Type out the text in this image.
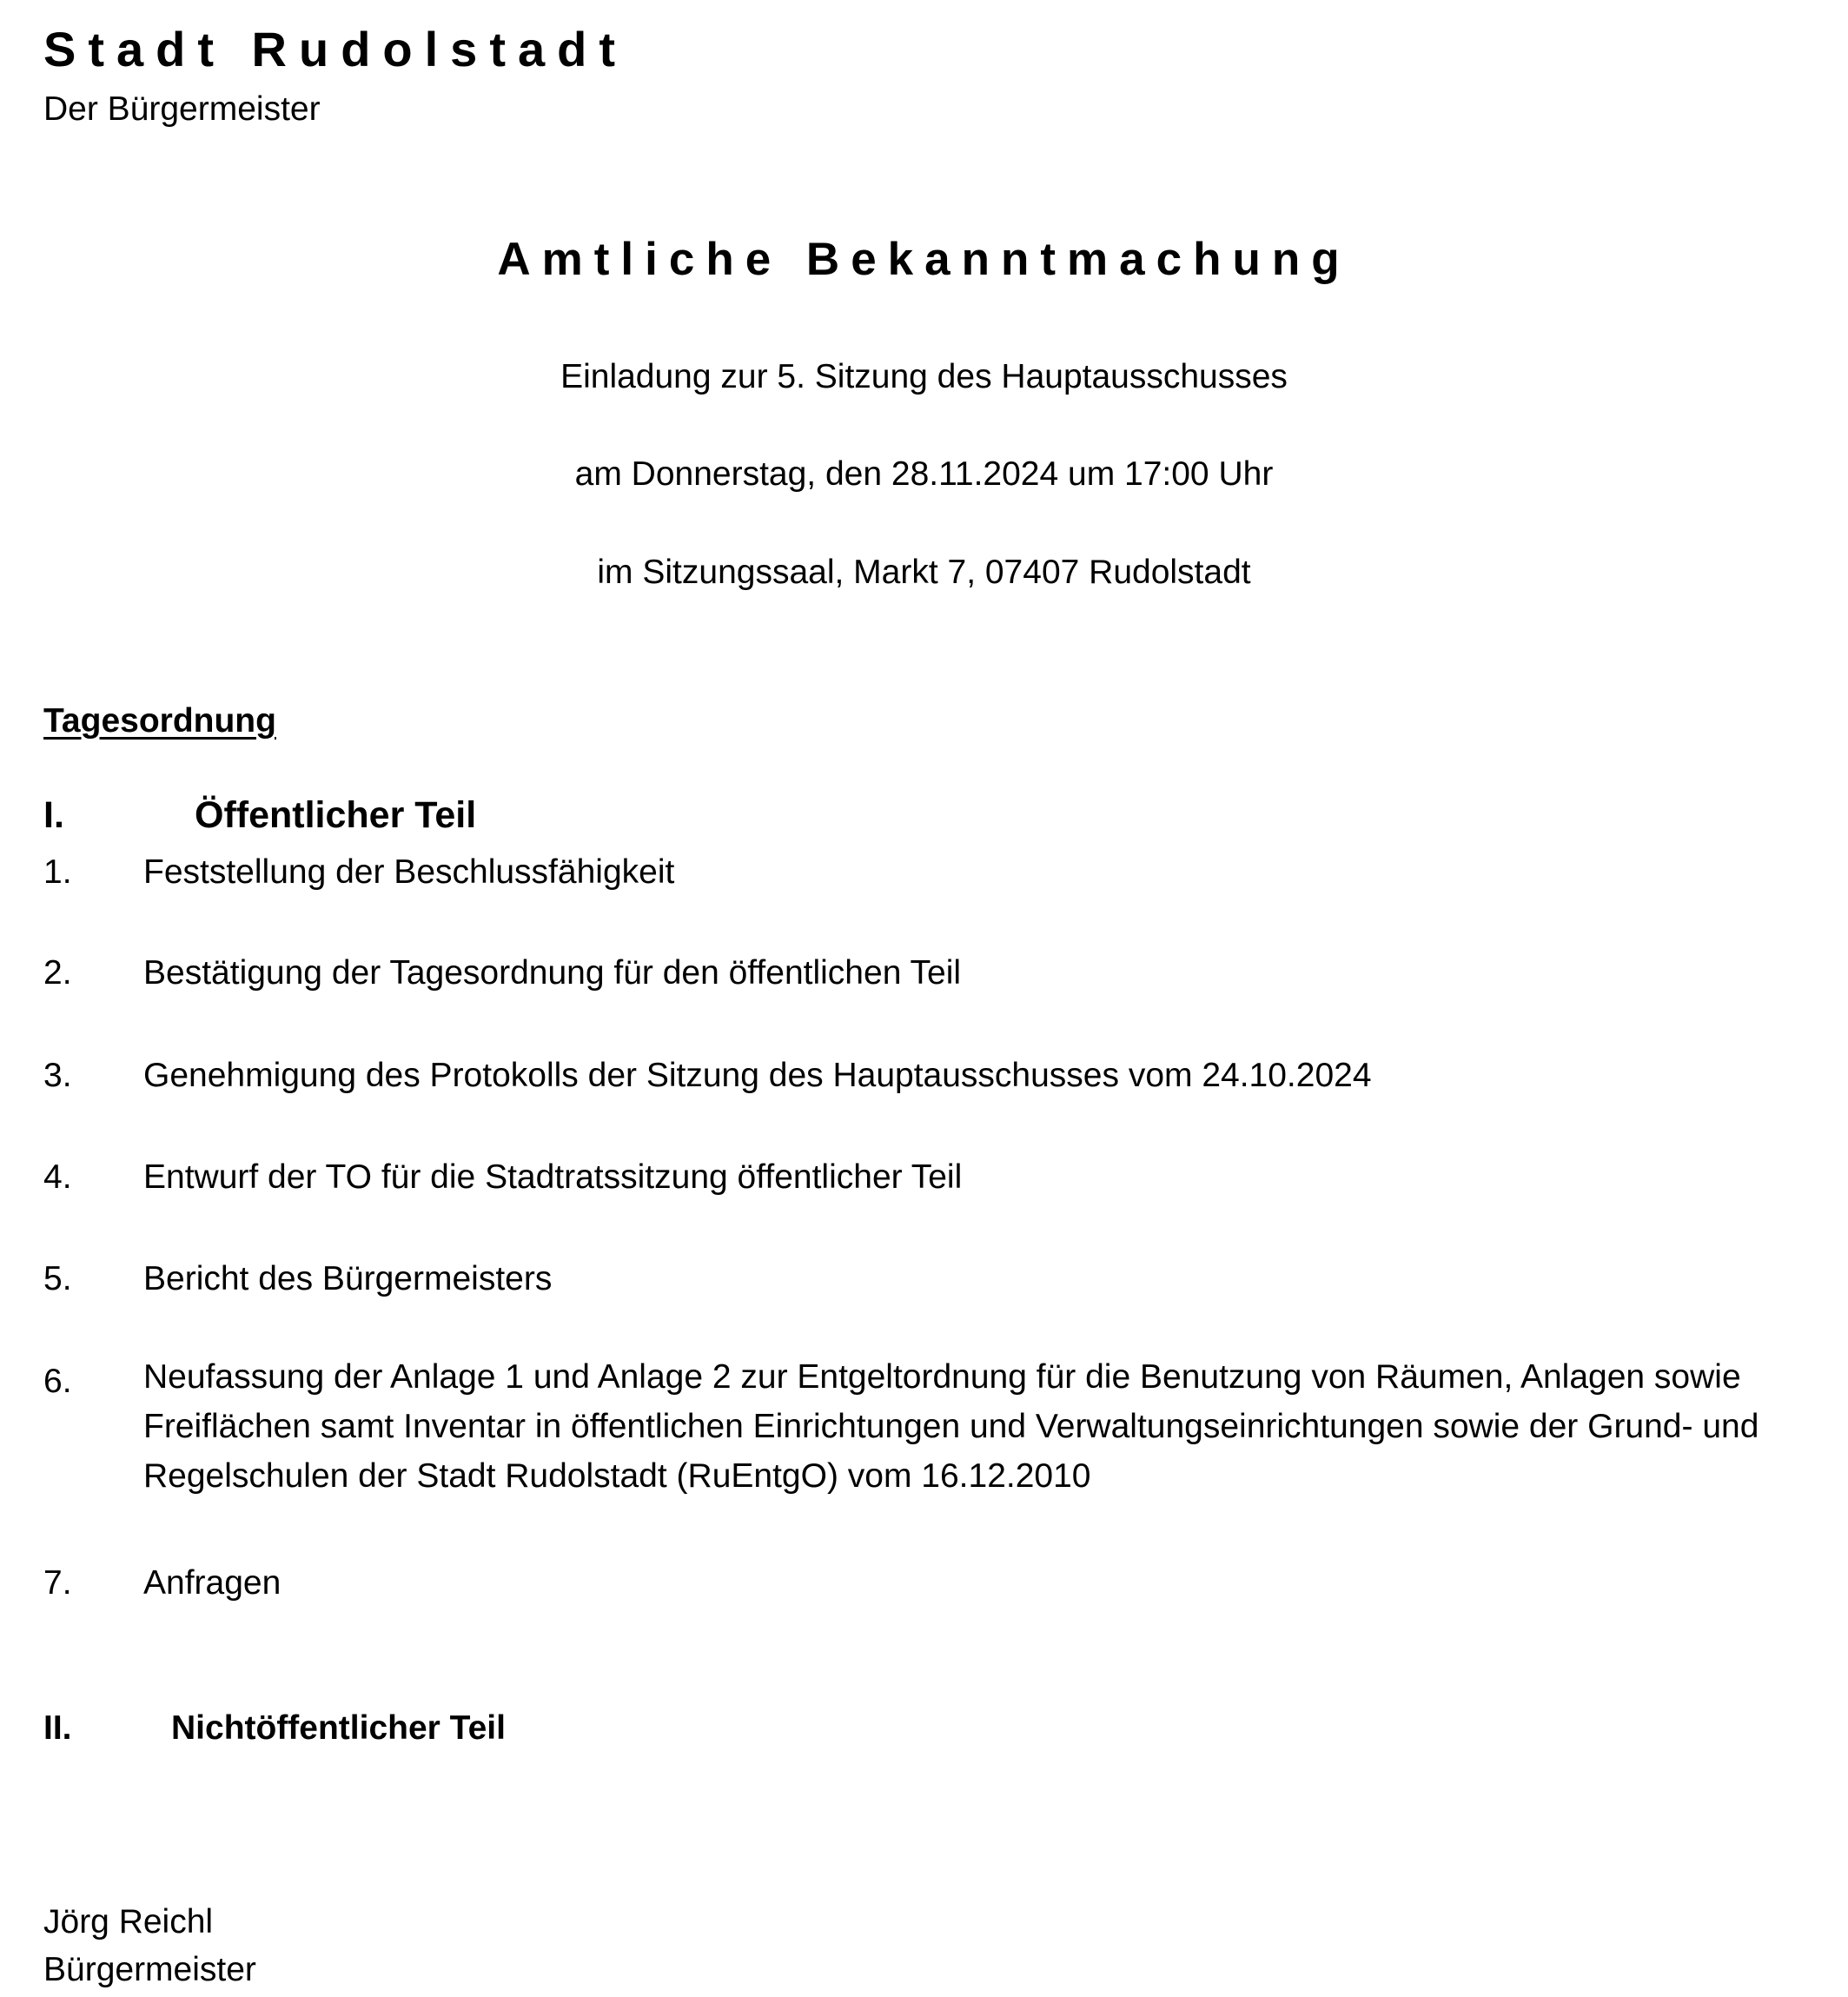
Stadt Rudolstadt
Der Bürgermeister
Amtliche Bekanntmachung
Einladung zur 5. Sitzung des Hauptausschusses
am Donnerstag, den 28.11.2024 um 17:00 Uhr
im Sitzungssaal, Markt 7, 07407 Rudolstadt
Tagesordnung
I.	Öffentlicher Teil
1. Feststellung der Beschlussfähigkeit
2. Bestätigung der Tagesordnung für den öffentlichen Teil
3. Genehmigung des Protokolls der Sitzung des Hauptausschusses vom 24.10.2024
4. Entwurf der TO für die Stadtratssitzung öffentlicher Teil
5. Bericht des Bürgermeisters
6. Neufassung der Anlage 1 und Anlage 2 zur Entgeltordnung für die Benutzung von Räumen, Anlagen sowie Freiflächen samt Inventar in öffentlichen Einrichtungen und Verwaltungseinrichtungen sowie der Grund- und Regelschulen der Stadt Rudolstadt (RuEntgO) vom 16.12.2010
7. Anfragen
II.	Nichtöffentlicher Teil
Jörg Reichl
Bürgermeister
